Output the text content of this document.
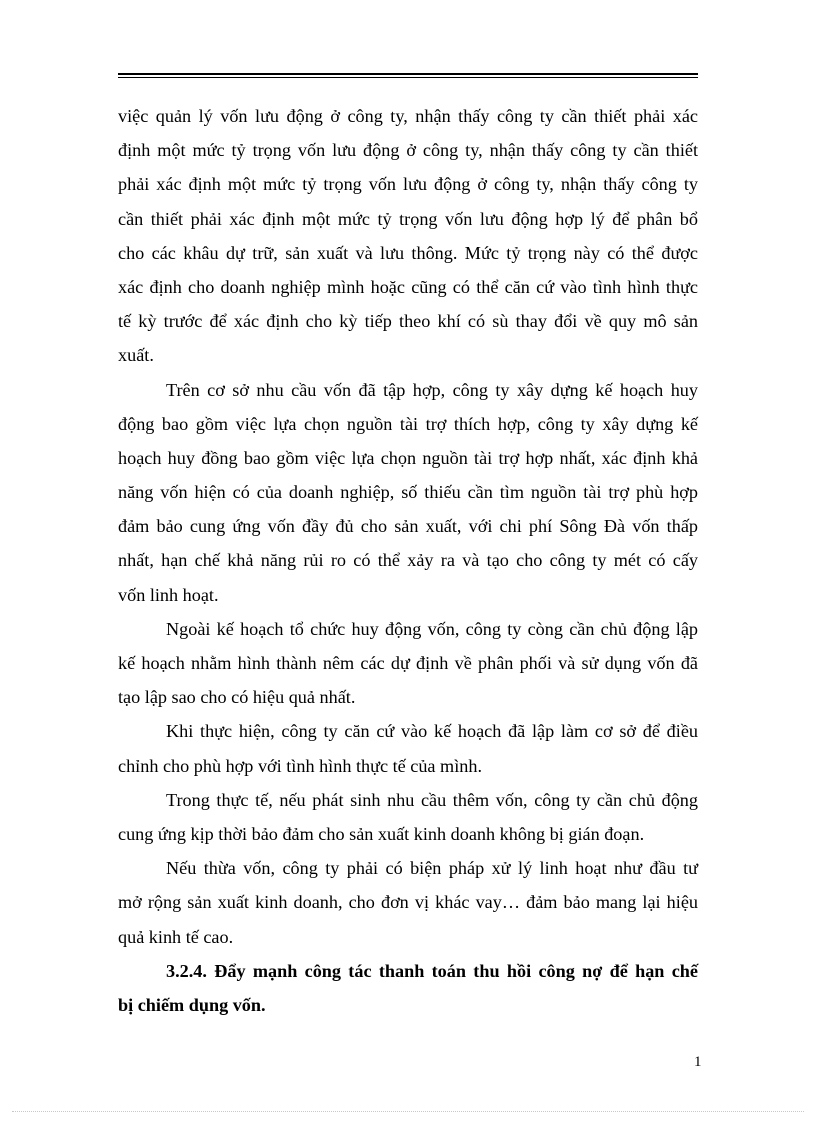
việc quản lý vốn lưu động ở công ty, nhận thấy công ty cần thiết phải xác
định một mức tỷ trọng vốn lưu động ở công ty, nhận thấy công ty cần thiết
phải xác định một mức tỷ trọng vốn lưu động ở công ty, nhận thấy công ty
cần thiết phải xác định một mức tỷ trọng vốn lưu động hợp lý để phân bổ
cho các khâu dự trữ, sản xuất và lưu thông. Mức tỷ trọng này có thể được
xác định cho doanh nghiệp mình hoặc cũng có thể căn cứ vào tình hình thực
tế kỳ trước để xác định cho kỳ tiếp theo khí có sù thay đổi về quy mô sản
xuất.
Trên cơ sở nhu cầu vốn đã tập hợp, công ty xây dựng kế hoạch huy
động bao gồm việc lựa chọn nguồn tài trợ thích hợp, công ty xây dựng kế
hoạch huy đồng bao gồm việc lựa chọn nguồn tài trợ hợp nhất, xác định khả
năng vốn hiện có của doanh nghiệp, số thiếu cần tìm nguồn tài trợ phù hợp
đảm bảo cung ứng vốn đầy đủ cho sản xuất, với chi phí Sông Đà vốn thấp
nhất, hạn chế khả năng rủi ro có thể xảy ra và tạo cho công ty mét có cấy
vốn linh hoạt.
Ngoài kế hoạch tổ chức huy động vốn, công ty còng cần chủ động lập
kế hoạch nhằm hình thành nêm các dự định về phân phối và sử dụng vốn đã
tạo lập sao cho có hiệu quả nhất.
Khi thực hiện, công ty căn cứ vào kế hoạch đã lập làm cơ sở để điều
chỉnh cho phù hợp với tình hình thực tế của mình.
Trong thực tế, nếu phát sinh nhu cầu thêm vốn, công ty cần chủ động
cung ứng kịp thời bảo đảm cho sản xuất kinh doanh không bị gián đoạn.
Nếu thừa vốn, công ty phải có biện pháp xử lý linh hoạt như đầu tư
mở rộng sản xuất kinh doanh, cho đơn vị khác vay… đảm bảo mang lại hiệu
quả kinh tế cao.
3.2.4. Đẩy mạnh công tác thanh toán thu hồi công nợ để hạn chế
bị chiếm dụng vốn.
1
